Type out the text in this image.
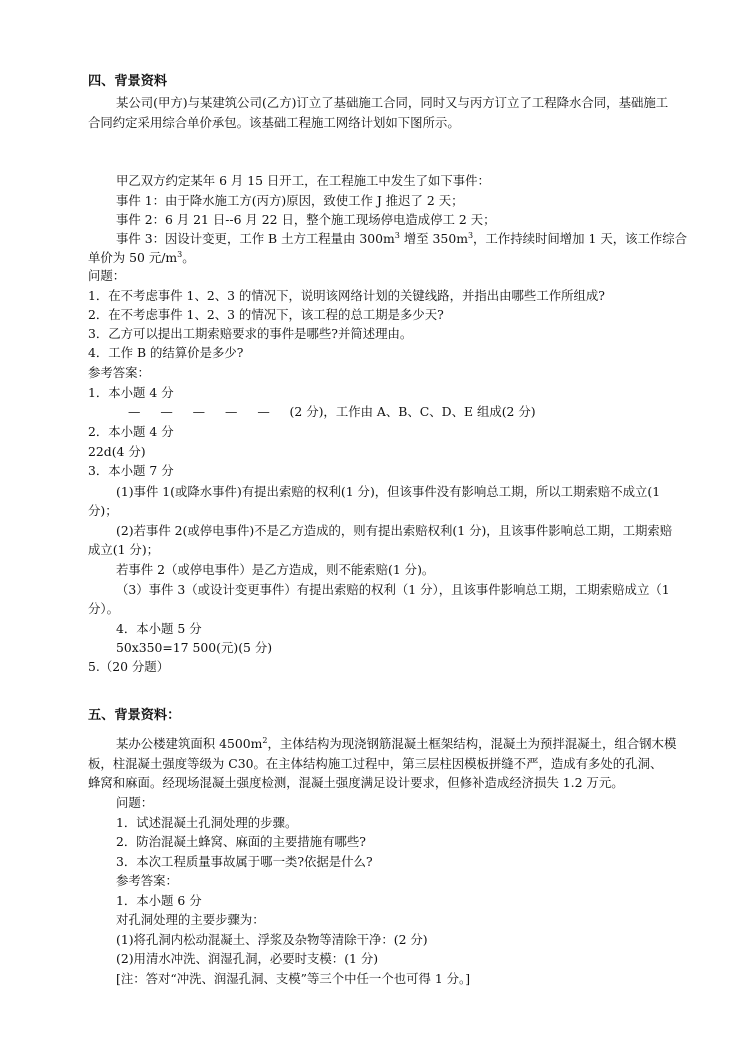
四、背景资料
某公司(甲方)与某建筑公司(乙方)订立了基础施工合同，同时又与丙方订立了工程降水合同，基础施工
合同约定采用综合单价承包。该基础工程施工网络计划如下图所示。
甲乙双方约定某年 6 月 15 日开工，在工程施工中发生了如下事件：
事件 1：由于降水施工方(丙方)原因，致使工作 J 推迟了 2 天；
事件 2：6 月 21 日--6 月 22 日，整个施工现场停电造成停工 2 天；
事件 3：因设计变更，工作 B 土方工程量由 $300m^3$ 增至 $350m^3$，工作持续时间增加 1 天，该工作综合
单价为 50 元$/m^3$。
问题：
1．在不考虑事件 1、2、3 的情况下，说明该网络计划的关键线路，并指出由哪些工作所组成?
2．在不考虑事件 1、2、3 的情况下，该工程的总工期是多少天?
3．乙方可以提出工期索赔要求的事件是哪些?并简述理由。
4．工作 B 的结算价是多少?
参考答案：
1．本小题 4 分
— — — — — (2 分)，工作由 A、B、C、D、E 组成(2 分)
2．本小题 4 分
22d(4 分)
3．本小题 7 分
(1)事件 1(或降水事件)有提出索赔的权利(1 分)，但该事件没有影响总工期，所以工期索赔不成立(1
分)；
(2)若事件 2(或停电事件)不是乙方造成的，则有提出索赔权利(1 分)，且该事件影响总工期，工期索赔
成立(1 分)；
若事件 2（或停电事件）是乙方造成，则不能索赔(1 分)。
（3）事件 3（或设计变更事件）有提出索赔的权利（1 分），且该事件影响总工期，工期索赔成立（1
分）。
4．本小题 5 分
50x350=17 500(元)(5 分)
5.（20 分题）
五、背景资料：
某办公楼建筑面积 $4500m^2$，主体结构为现浇钢筋混凝土框架结构，混凝土为预拌混凝土，组合钢木模
板，柱混凝土强度等级为 C30。在主体结构施工过程中，第三层柱因模板拼缝不严，造成有多处的孔洞、
蜂窝和麻面。经现场混凝土强度检测，混凝土强度满足设计要求，但修补造成经济损失 1.2 万元。
问题：
1．试述混凝土孔洞处理的步骤。
2．防治混凝土蜂窝、麻面的主要措施有哪些?
3．本次工程质量事故属于哪一类?依据是什么?
参考答案：
1．本小题 6 分
对孔洞处理的主要步骤为：
(1)将孔洞内松动混凝土、浮浆及杂物等清除干净：(2 分)
(2)用清水冲洗、润湿孔洞，必要时支模：(1 分)
[注：答对“冲洗、润湿孔洞、支模”等三个中任一个也可得 1 分。]
